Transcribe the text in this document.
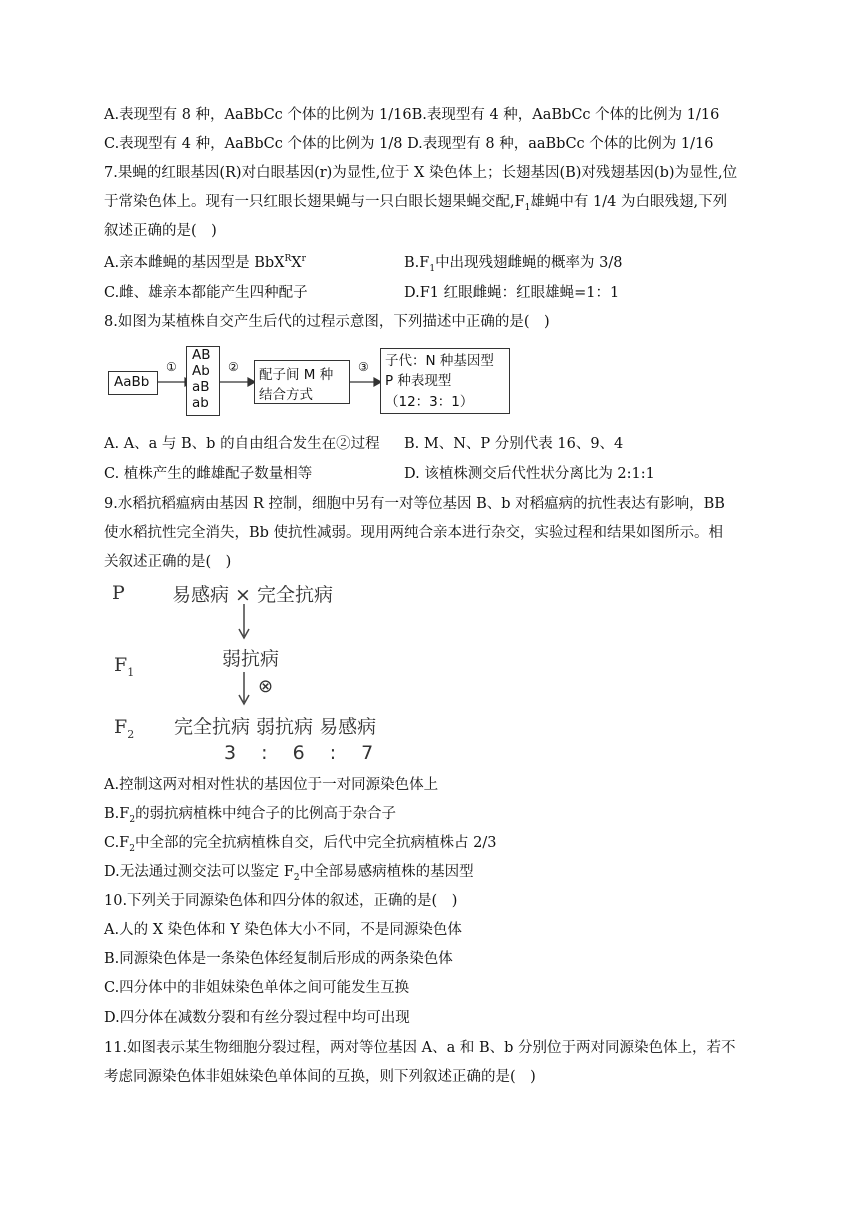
A.表现型有 8 种，AaBbCc 个体的比例为 1/16B.表现型有 4 种，AaBbCc 个体的比例为 1/16
C.表现型有 4 种，AaBbCc 个体的比例为 1/8 D.表现型有 8 种，aaBbCc 个体的比例为 1/16
7.果蝇的红眼基因(R)对白眼基因(r)为显性,位于 X 染色体上；长翅基因(B)对残翅基因(b)为显性,位
于常染色体上。现有一只红眼长翅果蝇与一只白眼长翅果蝇交配$,F_1$雄蝇中有 1/4 为白眼残翅,下列
叙述正确的是(　)
A.亲本雌蝇的基因型是 $BbX^RX^r$	$B.F_1$中出现残翅雌蝇的概率为 3/8
C.雌、雄亲本都能产生四种配子	D.F1 红眼雌蝇：红眼雄蝇=1：1
8.如图为某植株自交产生后代的过程示意图，下列描述中正确的是(　)
AaBb
①
AB
Ab
aB
ab
② 配子间 M 种
结合方式
③ 子代：N 种基因型
P 种表现型
（12：3：1）
A. A、a 与 B、b 的自由组合发生在②过程 B. M、N、P 分别代表 16、9、4
C. 植株产生的雌雄配子数量相等	D. 该植株测交后代性状分离比为 2:1:1
9.水稻抗稻瘟病由基因 R 控制，细胞中另有一对等位基因 B、b 对稻瘟病的抗性表达有影响，BB
使水稻抗性完全消失，Bb 使抗性减弱。现用两纯合亲本进行杂交，实验过程和结果如图所示。相
关叙述正确的是(　)
P 易感病 × 完全抗病
$F_1$
弱抗病
⊗
$F_2$ 完全抗病 弱抗病 易感病
3 　:　 6 　:　 7
A.控制这两对相对性状的基因位于一对同源染色体上
$B.F_2$的弱抗病植株中纯合子的比例高于杂合子
$C.F_2$中全部的完全抗病植株自交，后代中完全抗病植株占 2/3
D.无法通过测交法可以鉴定 $F_2$中全部易感病植株的基因型
10.下列关于同源染色体和四分体的叙述，正确的是(　)
A.人的 X 染色体和 Y 染色体大小不同，不是同源染色体
B.同源染色体是一条染色体经复制后形成的两条染色体
C.四分体中的非姐妹染色单体之间可能发生互换
D.四分体在减数分裂和有丝分裂过程中均可出现
11.如图表示某生物细胞分裂过程，两对等位基因 A、a 和 B、b 分别位于两对同源染色体上，若不
考虑同源染色体非姐妹染色单体间的互换，则下列叙述正确的是(　)
